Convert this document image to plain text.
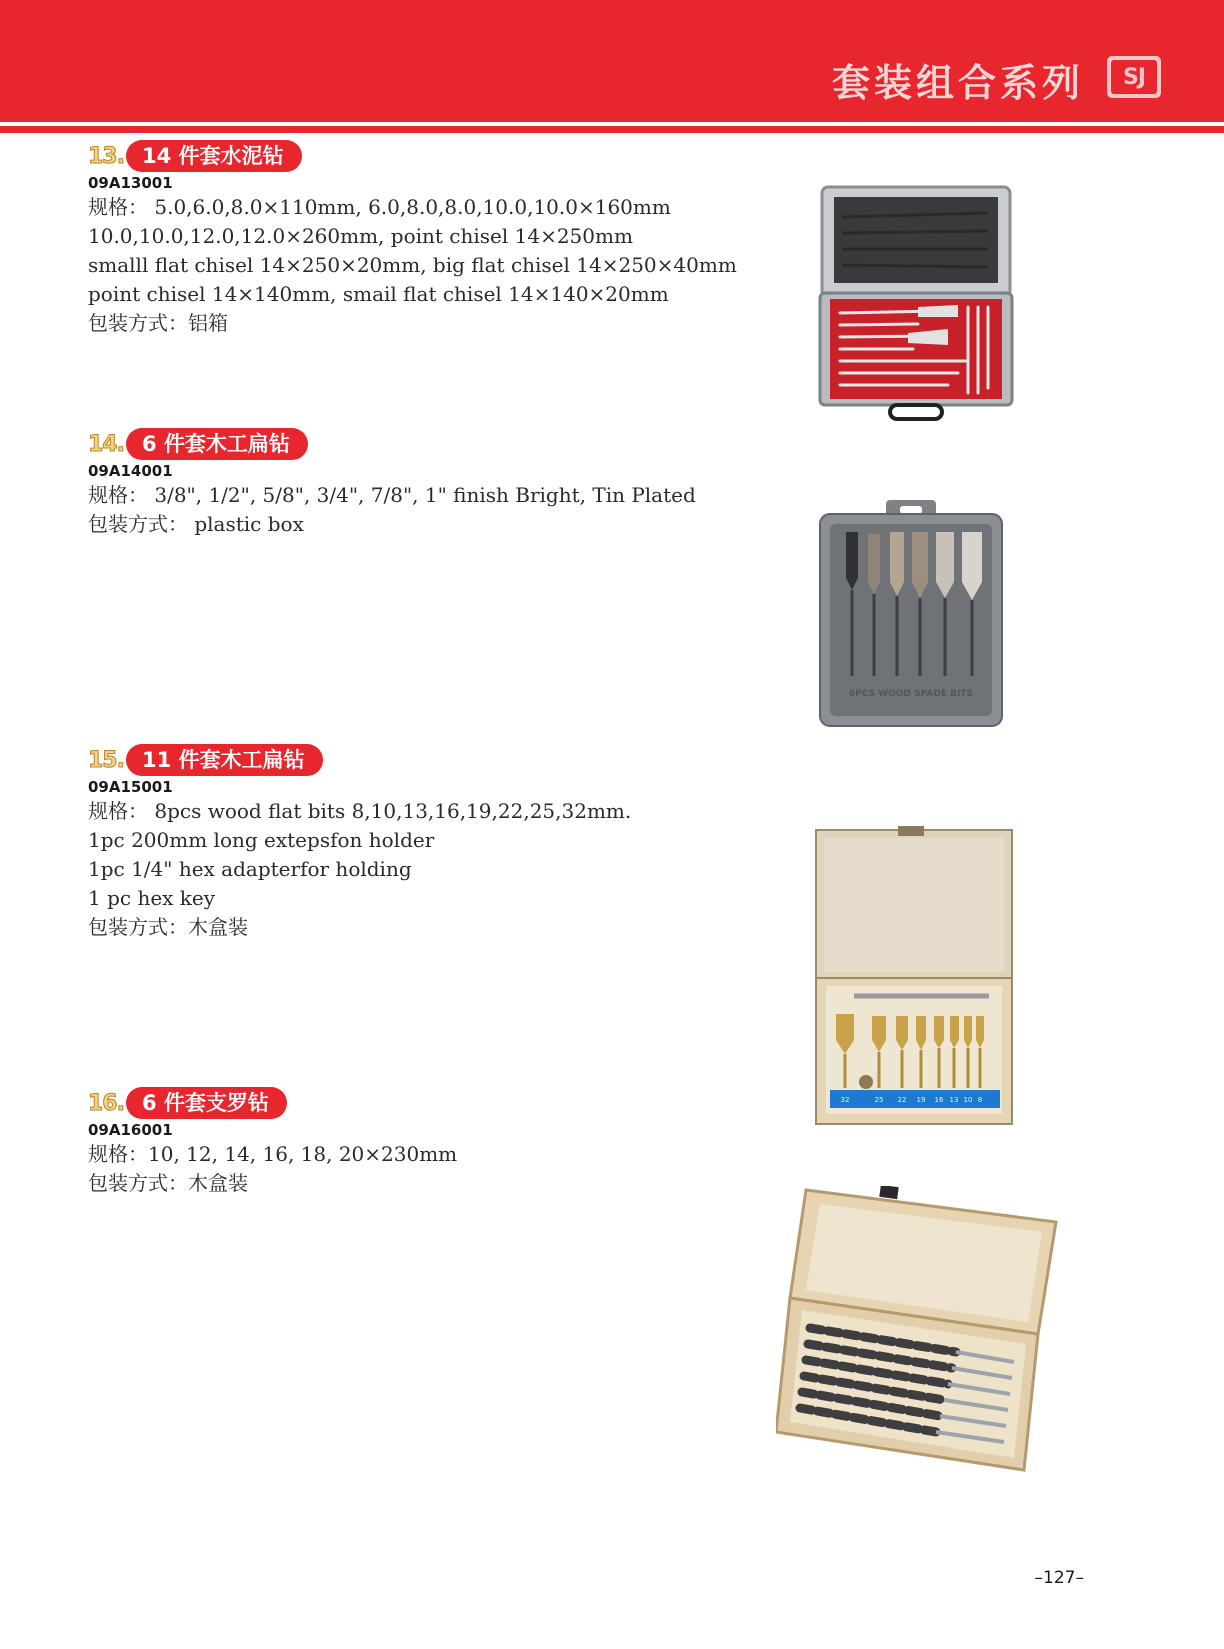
套装组合系列	SJ
13. 14 件套水泥钻
09A13001
规格： 5.0,6.0,8.0×110mm, 6.0,8.0,8.0,10.0,10.0×160mm
10.0,10.0,12.0,12.0×260mm, point chisel 14×250mm
smalll flat chisel 14×250×20mm, big flat chisel 14×250×40mm
point chisel 14×140mm, smail flat chisel 14×140×20mm
包装方式：铝箱
14. 6 件套木工扁钻
09A14001
规格： 3/8", 1/2", 5/8", 3/4", 7/8", 1" finish Bright, Tin Plated
包装方式： plastic box
6PCS WOOD SPADE BITS
15. 11 件套木工扁钻
09A15001
规格： 8pcs wood flat bits 8,10,13,16,19,22,25,32mm.
1pc 200mm long extepsfon holder
1pc 1/4" hex adapterfor holding
1 pc hex key
包装方式：木盒装
32	25 22 19 16 13 10 8
16. 6 件套支罗钻
09A16001
规格：10, 12, 14, 16, 18, 20×230mm
包装方式：木盒装
–127–
